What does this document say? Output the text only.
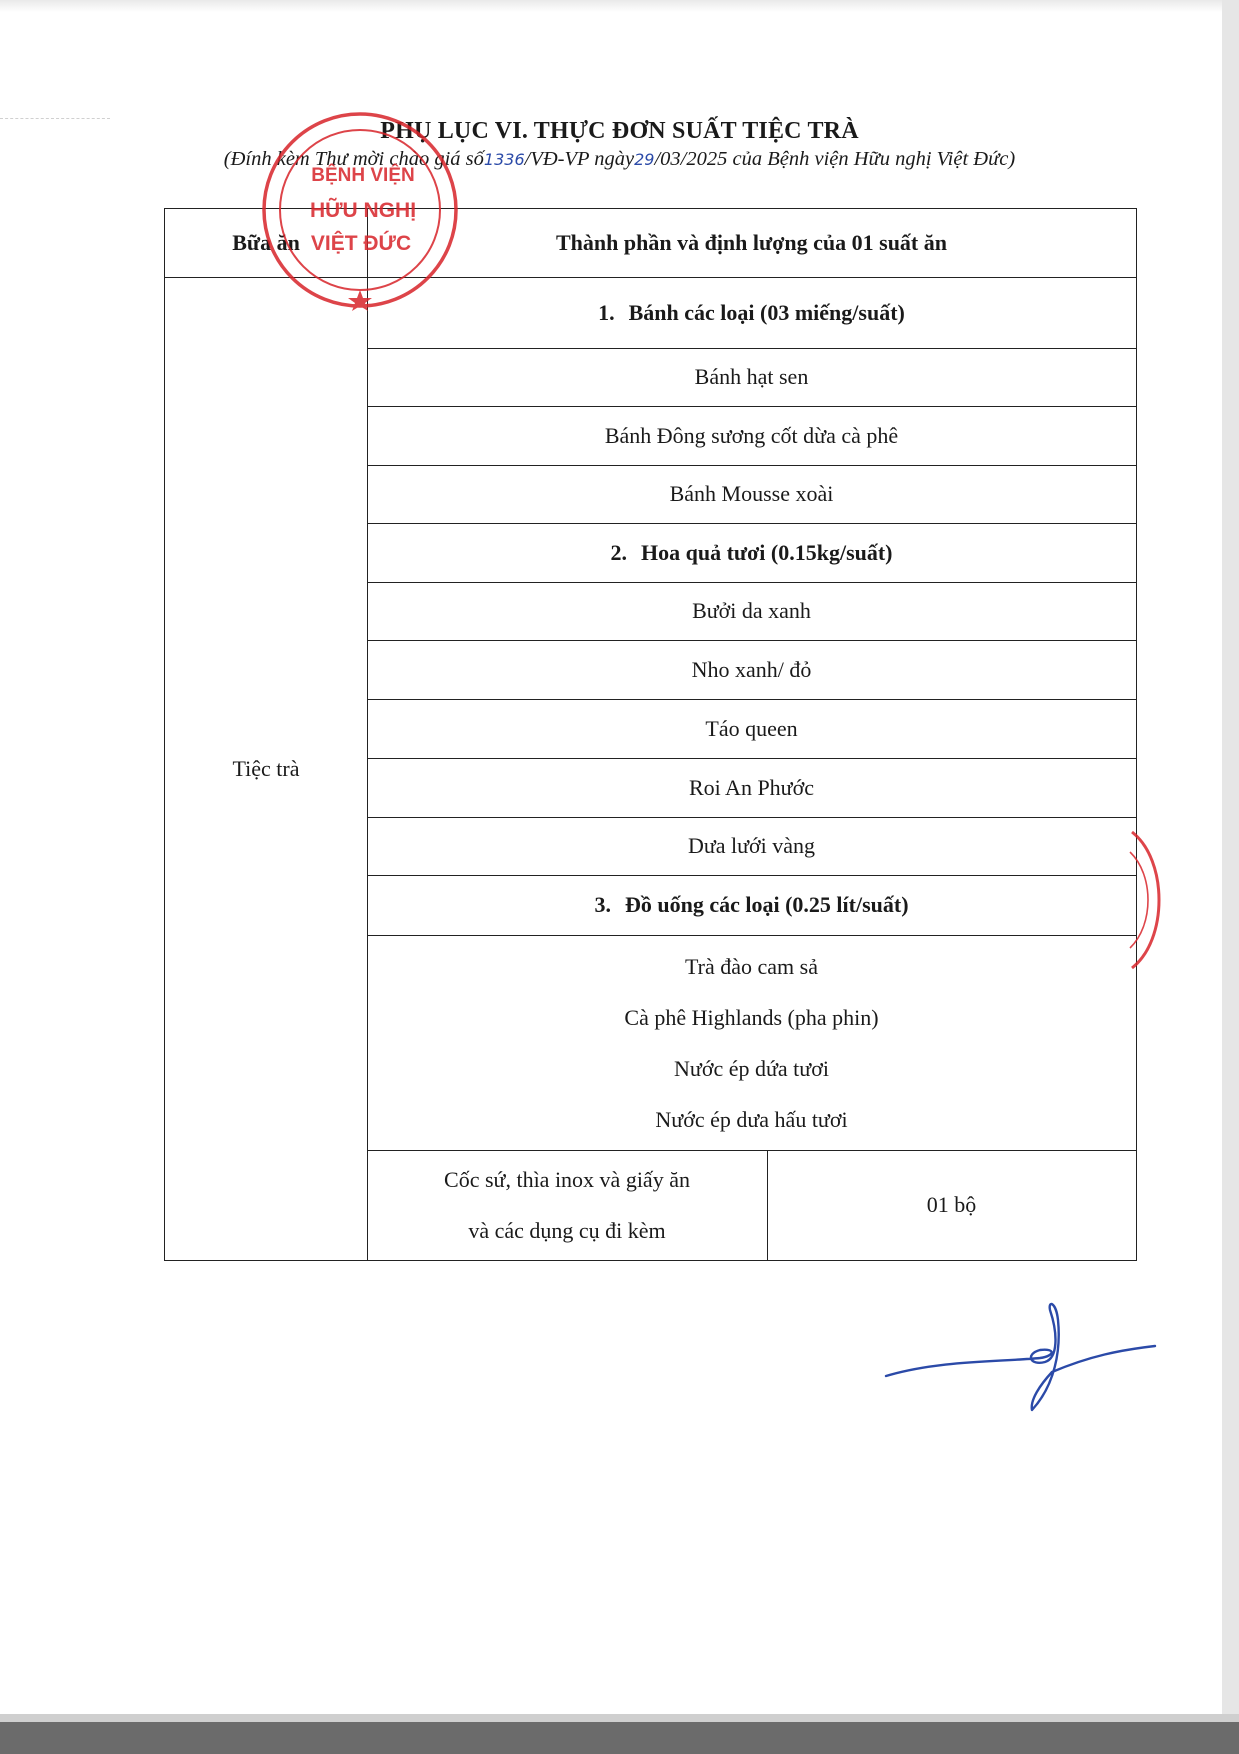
PHỤ LỤC VI. THỰC ĐƠN SUẤT TIỆC TRÀ
(Đính kèm Thư mời chào giá số1336/VĐ-VP ngày29/03/2025 của Bệnh viện Hữu nghị Việt Đức)
Bữa ăn	Thành phần và định lượng của 01 suất ăn
Tiệc trà
1. Bánh các loại (03 miếng/suất)
Bánh hạt sen
Bánh Đông sương cốt dừa cà phê
Bánh Mousse xoài
2. Hoa quả tươi (0.15kg/suất)
Bưởi da xanh
Nho xanh/ đỏ
Táo queen
Roi An Phước
Dưa lưới vàng
3. Đồ uống các loại (0.25 lít/suất)
Trà đào cam sả
Cà phê Highlands (pha phin)
Nước ép dứa tươi
Nước ép dưa hấu tươi
Cốc sứ, thìa inox và giấy ăn
và các dụng cụ đi kèm
01 bộ
BỆNH VIỆN
HỮU NGHỊ
VIỆT ĐỨC
